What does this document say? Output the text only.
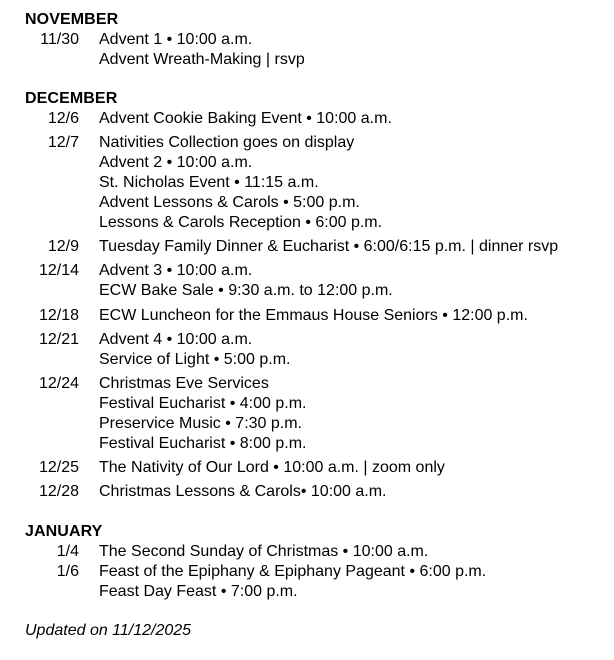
NOVEMBER
11/30 Advent 1 • 10:00 a.m.
Advent Wreath-Making | rsvp
DECEMBER
12/6 Advent Cookie Baking Event • 10:00 a.m.
12/7 Nativities Collection goes on display
Advent 2 • 10:00 a.m.
St. Nicholas Event • 11:15 a.m.
Advent Lessons & Carols • 5:00 p.m.
Lessons & Carols Reception • 6:00 p.m.
12/9 Tuesday Family Dinner & Eucharist • 6:00/6:15 p.m. | dinner rsvp
12/14 Advent 3 • 10:00 a.m.
ECW Bake Sale • 9:30 a.m. to 12:00 p.m.
12/18 ECW Luncheon for the Emmaus House Seniors • 12:00 p.m.
12/21 Advent 4 • 10:00 a.m.
Service of Light • 5:00 p.m.
12/24 Christmas Eve Services
Festival Eucharist • 4:00 p.m.
Preservice Music • 7:30 p.m.
Festival Eucharist • 8:00 p.m.
12/25 The Nativity of Our Lord • 10:00 a.m. | zoom only
12/28 Christmas Lessons & Carols• 10:00 a.m.
JANUARY
1/4 The Second Sunday of Christmas • 10:00 a.m.
1/6 Feast of the Epiphany & Epiphany Pageant • 6:00 p.m.
Feast Day Feast • 7:00 p.m.
Updated on 11/12/2025
